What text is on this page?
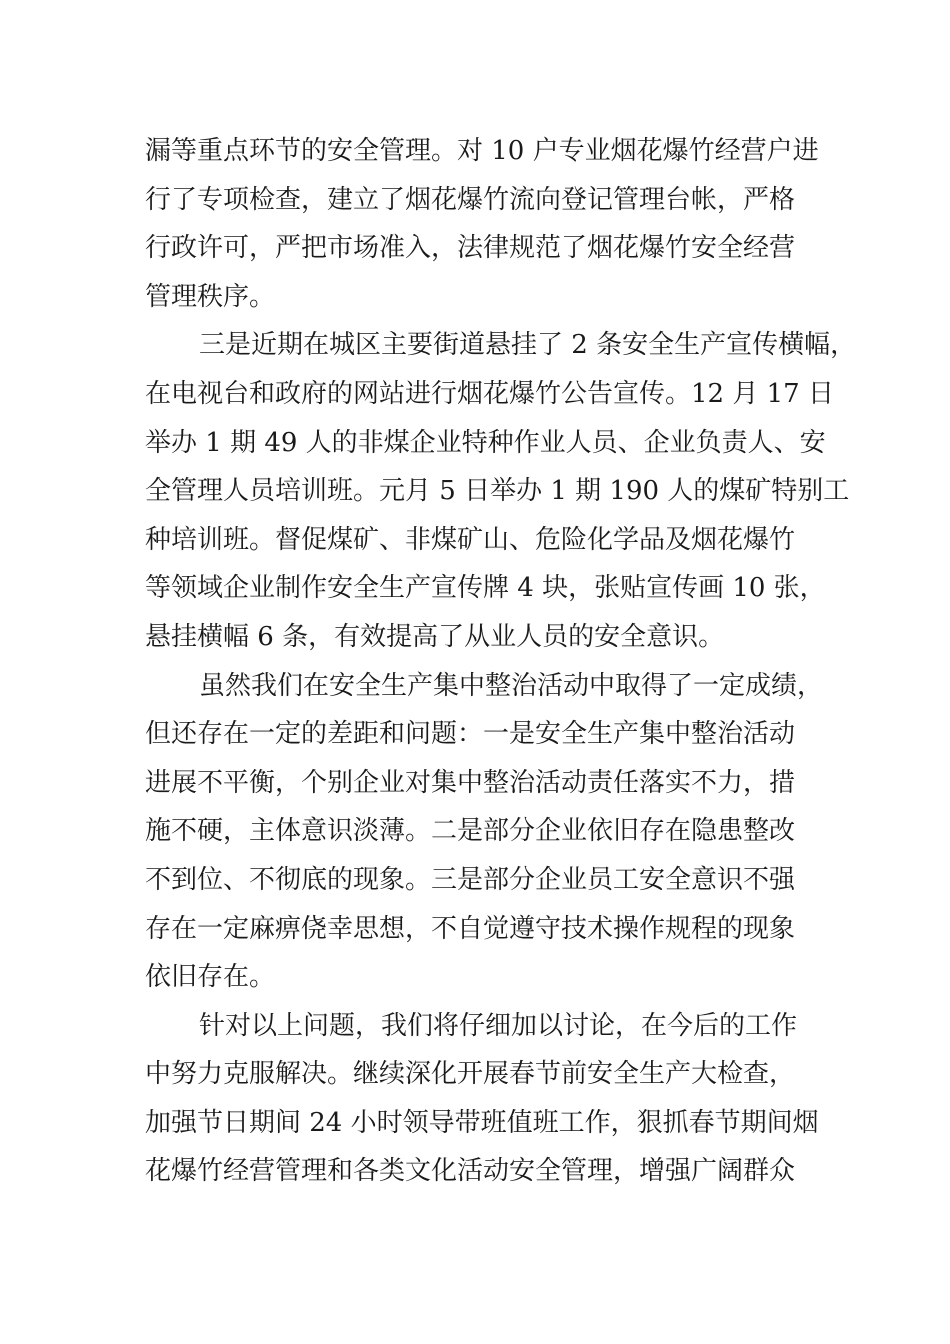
漏等重点环节的安全管理。对 10 户专业烟花爆竹经营户进
行了专项检查，建立了烟花爆竹流向登记管理台帐，严格
行政许可，严把市场准入，法律规范了烟花爆竹安全经营
管理秩序。
三是近期在城区主要街道悬挂了 2 条安全生产宣传横幅，
在电视台和政府的网站进行烟花爆竹公告宣传。12 月 17 日
举办 1 期 49 人的非煤企业特种作业人员、企业负责人、安
全管理人员培训班。元月 5 日举办 1 期 190 人的煤矿特别工
种培训班。督促煤矿、非煤矿山、危险化学品及烟花爆竹
等领域企业制作安全生产宣传牌 4 块，张贴宣传画 10 张，
悬挂横幅 6 条，有效提高了从业人员的安全意识。
虽然我们在安全生产集中整治活动中取得了一定成绩，
但还存在一定的差距和问题：一是安全生产集中整治活动
进展不平衡，个别企业对集中整治活动责任落实不力，措
施不硬，主体意识淡薄。二是部分企业依旧存在隐患整改
不到位、不彻底的现象。三是部分企业员工安全意识不强
存在一定麻痹侥幸思想，不自觉遵守技术操作规程的现象
依旧存在。
针对以上问题，我们将仔细加以讨论，在今后的工作
中努力克服解决。继续深化开展春节前安全生产大检查，
加强节日期间 24 小时领导带班值班工作，狠抓春节期间烟
花爆竹经营管理和各类文化活动安全管理，增强广阔群众
